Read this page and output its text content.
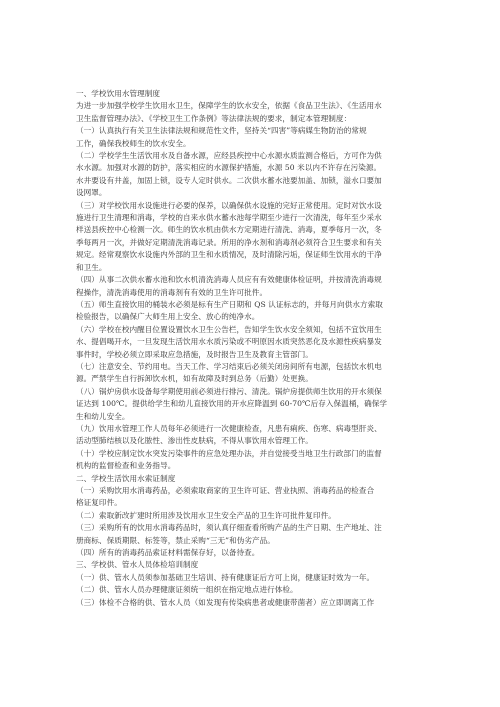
一、学校饮用水管理制度
为进一步加强学校学生饮用水卫生，保障学生的饮水安全，依据《食品卫生法》、《生活用水
卫生监督管理办法》、《学校卫生工作条例》等法律法规的要求，制定本管理制度：
（一）认真执行有关卫生法律法规和规范性文件，坚持关“四害”等病媒生物防治的常规
工作，确保我校师生的饮水安全。
（二）学校学生生活饮用水及自备水源，应经县疾控中心水源水质监测合格后，方可作为供
水水源。加强对水源的防护，落实相应的水源保护措施，水源 50 米以内不许存在污染源。
水井要设有井盖，加固上锁，设专人定时供水。二次供水蓄水池要加盖、加锁，溢水口要加
设网罩。
（三）对学校饮用水设施进行必要的保养，以确保供水设施的完好正常使用。定时对饮水设
施进行卫生清理和消毒，学校的自来水供水蓄水池每学期至少进行一次清洗，每年至少采水
样送县疾控中心检测一次。师生的饮水机由供水方定期进行清洗、消毒，夏季每月一次，冬
季每两月一次，并做好定期清洗消毒记录。所用的净水剂和消毒剂必须符合卫生要求和有关
规定。经常观察饮水设施内外部的卫生和水质情况，及时清除污垢，保证师生饮用水的干净
和卫生。
（四）从事二次供水蓄水池和饮水机清洗消毒人员应有有效健康体检证明，并按清洗消毒规
程操作，清洗消毒使用的消毒剂有有效的卫生许可批件。
（五）师生直接饮用的桶装水必须是标有生产日期和 QS 认证标志的，并每月向供水方索取
检验报告，以确保广大师生用上安全、放心的纯净水。
（六）学校在校内醒目位置设置饮水卫生公告栏，告知学生饮水安全须知，包括不宜饮用生
水、提倡喝开水，一旦发现生活饮用水水质污染或不明原因水质突然恶化及水源性疾病暴发
事件时，学校必须立即采取应急措施，及时报告卫生及教育主管部门。
（七）注意安全、节约用电。当天工作、学习结束后必须关闭房间所有电源，包括饮水机电
源。严禁学生自行拆卸饮水机，如有故障及时到总务（后勤）处更换。
（八）锅炉房供水设备每学期使用前必须进行排污、清洗。锅炉房提供师生饮用的开水须保
证达到 100℃。提供给学生和幼儿直接饮用的开水应降温到 60-70℃后存入保温桶，确保学
生和幼儿安全。
（九）饮用水管理工作人员每年必须进行一次健康检查，凡患有痢疾、伤寒、病毒型肝炎、
活动型肺结核以及化脓性、渗出性皮肤病，不得从事饮用水管理工作。
（十）学校应制定饮水突发污染事件的应急处理办法，并自觉接受当地卫生行政部门的监督
机构的监督检查和业务指导。
二、学校生活饮用水索证制度
（一）采购饮用水消毒药品，必须索取商家的卫生许可证、营业执照、消毒药品的检查合
格证复印件。
（二）索取新改扩建时所用涉及饮用水卫生安全产品的卫生许可批件复印件。
（三）采购所有的饮用水消毒药品时，须认真仔细查看所购产品的生产日期、生产地址、注
册商标、保质期限、标签等，禁止采购“三无”和伪劣产品。
（四）所有的消毒药品索证材料需保存好，以备待查。
三、学校供、管水人员体检培训制度
（一）供、管水人员须参加基础卫生培训、持有健康证后方可上岗，健康证时效为一年。
（二）供、管水人员办理健康证须统一组织在指定地点进行体检。
（三）体检不合格的供、管水人员（如发现有传染病患者或健康带菌者）应立即调离工作
